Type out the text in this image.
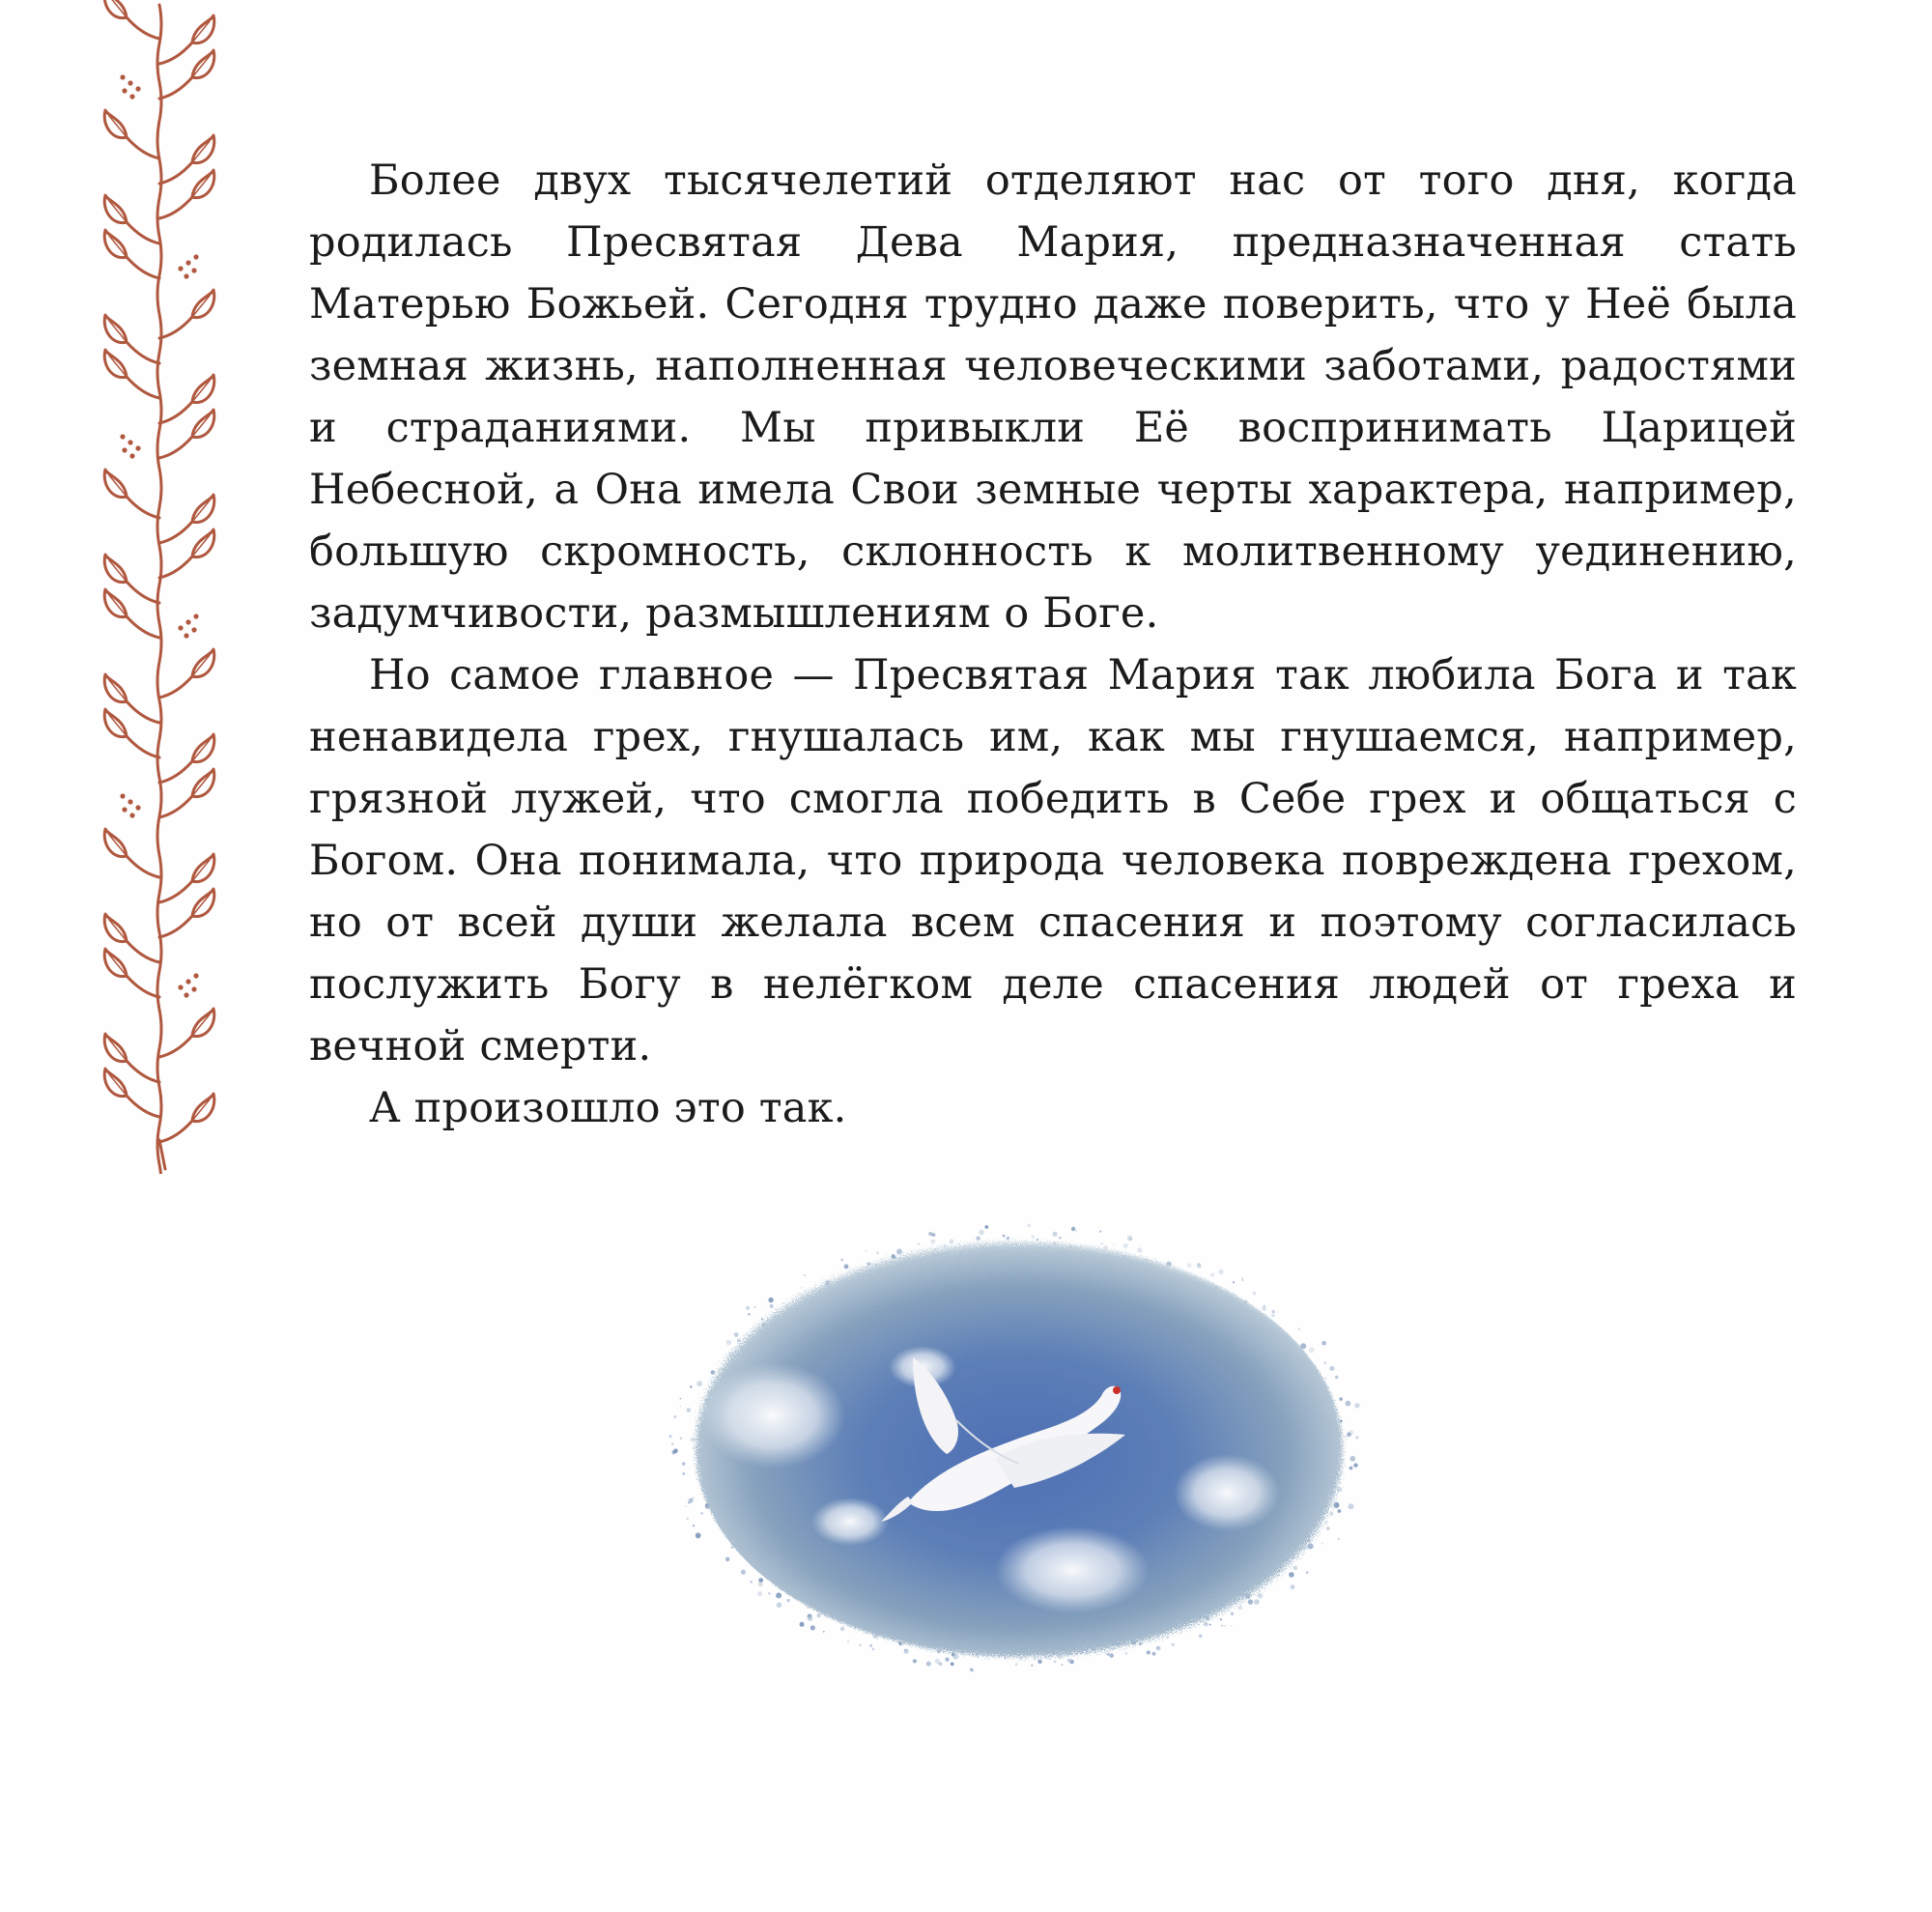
Более двух тысячелетий отделяют нас от того дня, когда родилась Пресвятая Дева Мария, предназначенная стать Матерью Божьей. Сегодня трудно даже поверить, что у Неё была земная жизнь, наполненная человеческими заботами, радостями и страданиями. Мы привыкли Её воспринимать Царицей Небесной, а Она имела Свои земные черты характера, например, большую скромность, склонность к молитвенному уединению, задумчивости, размышлениям о Боге.

Но самое главное — Пресвятая Мария так любила Бога и так ненавидела грех, гнушалась им, как мы гнушаемся, например, грязной лужей, что смогла победить в Себе грех и общаться с Богом. Она понимала, что природа человека повреждена грехом, но от всей души желала всем спасения и поэтому согласилась послужить Богу в нелёгком деле спасения людей от греха и вечной смерти.

А произошло это так.
